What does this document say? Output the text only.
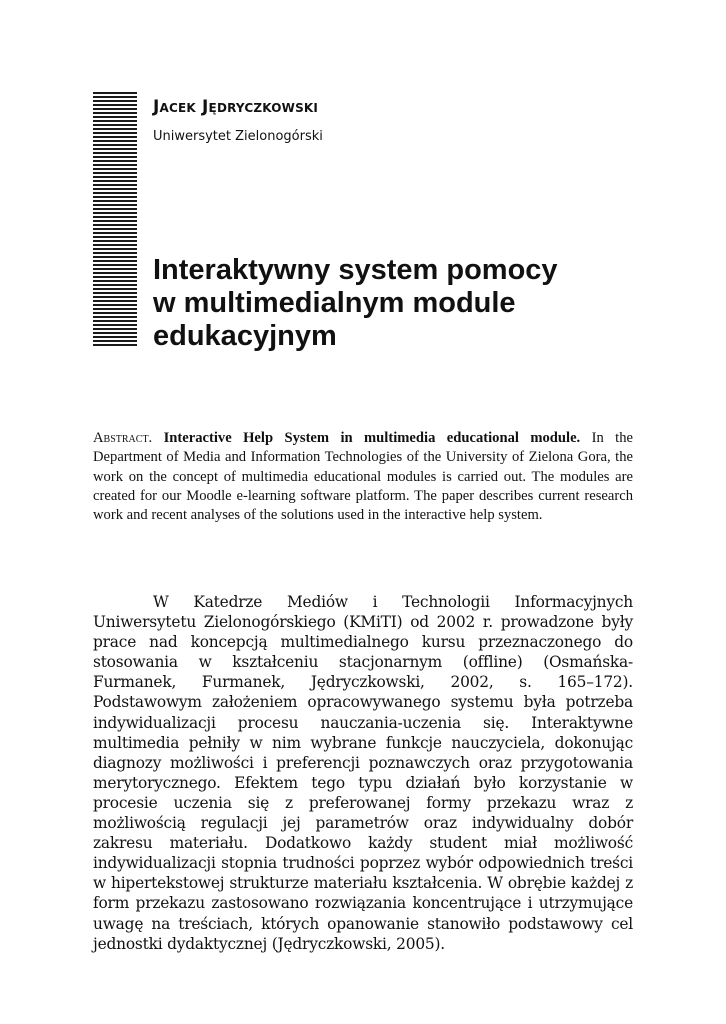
Jacek Jędryczkowski
Uniwersytet Zielonogórski
Interaktywny system pomocy
w multimedialnym module
edukacyjnym

Abstract. Interactive Help System in multimedia educational module. In the Department of Media and Information Technologies of the University of Zielona Gora, the work on the concept of multimedia educational modules is carried out. The modules are created for our Moodle e-learning software platform. The paper describes current research work and recent analyses of the solutions used in the interactive help system.

W Katedrze Mediów i Technologii Informacyjnych Uniwersytetu Zielonogórskiego (KMiTI) od 2002 r. prowadzone były prace nad koncepcją multimedialnego kursu przeznaczonego do stosowania w kształceniu stacjonarnym (offline) (Osmańska-Furmanek, Furmanek, Jędryczkowski, 2002, s. 165–172). Podstawowym założeniem opracowywanego systemu była potrzeba indywidualizacji procesu nauczania-uczenia się. Interaktywne multimedia pełniły w nim wybrane funkcje nauczyciela, dokonując diagnozy możliwości i preferencji poznawczych oraz przygotowania merytorycznego. Efektem tego typu działań było korzystanie w procesie uczenia się z preferowanej formy przekazu wraz z możliwością regulacji jej parametrów oraz indywidualny dobór zakresu materiału. Dodatkowo każdy student miał możliwość indywidualizacji stopnia trudności poprzez wybór odpowiednich treści w hipertekstowej strukturze materiału kształcenia. W obrębie każdej z form przekazu zastosowano rozwiązania koncentrujące i utrzymujące uwagę na treściach, których opanowanie stanowiło podstawowy cel jednostki dydaktycznej (Jędryczkowski, 2005).
